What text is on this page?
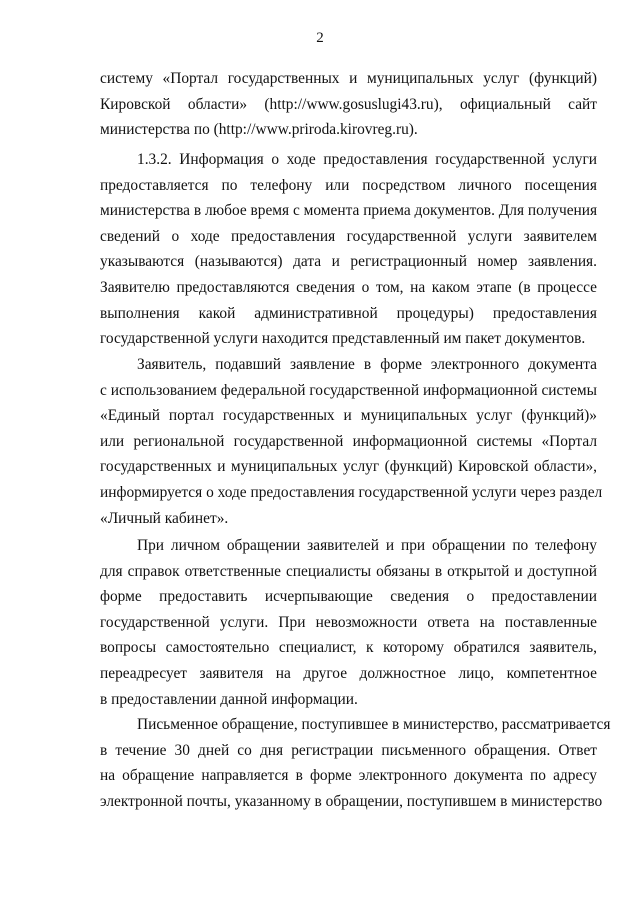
2
систему «Портал государственных и муниципальных услуг (функций)
Кировской области» (http://www.gosuslugi43.ru), официальный сайт
министерства по (http://www.priroda.kirovreg.ru).
1.3.2. Информация о ходе предоставления государственной услуги
предоставляется по телефону или посредством личного посещения
министерства в любое время с момента приема документов. Для получения
сведений о ходе предоставления государственной услуги заявителем
указываются (называются) дата и регистрационный номер заявления.
Заявителю предоставляются сведения о том, на каком этапе (в процессе
выполнения какой административной процедуры) предоставления
государственной услуги находится представленный им пакет документов.
Заявитель, подавший заявление в форме электронного документа
с использованием федеральной государственной информационной системы
«Единый портал государственных и муниципальных услуг (функций)»
или региональной государственной информационной системы «Портал
государственных и муниципальных услуг (функций) Кировской области»,
информируется о ходе предоставления государственной услуги через раздел
«Личный кабинет».
При личном обращении заявителей и при обращении по телефону
для справок ответственные специалисты обязаны в открытой и доступной
форме предоставить исчерпывающие сведения о предоставлении
государственной услуги. При невозможности ответа на поставленные
вопросы самостоятельно специалист, к которому обратился заявитель,
переадресует заявителя на другое должностное лицо, компетентное
в предоставлении данной информации.
Письменное обращение, поступившее в министерство, рассматривается
в течение 30 дней со дня регистрации письменного обращения. Ответ
на обращение направляется в форме электронного документа по адресу
электронной почты, указанному в обращении, поступившем в министерство
